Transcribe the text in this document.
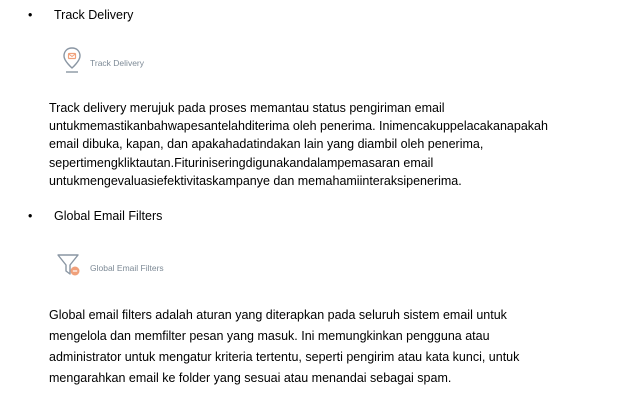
• Track Delivery
Track Delivery
Track delivery merujuk pada proses memantau status pengiriman email
untukmemastikanbahwapesantelahditerima oleh penerima. Inimencakuppelacakanapakah
email dibuka, kapan, dan apakahadatindakan lain yang diambil oleh penerima,
sepertimengkliktautan.Fituriniseringdigunakandalampemasaran email
untukmengevaluasiefektivitaskampanye dan memahamiinteraksipenerima.
• Global Email Filters
Global Email Filters
Global email filters adalah aturan yang diterapkan pada seluruh sistem email untuk
mengelola dan memfilter pesan yang masuk. Ini memungkinkan pengguna atau
administrator untuk mengatur kriteria tertentu, seperti pengirim atau kata kunci, untuk
mengarahkan email ke folder yang sesuai atau menandai sebagai spam.
